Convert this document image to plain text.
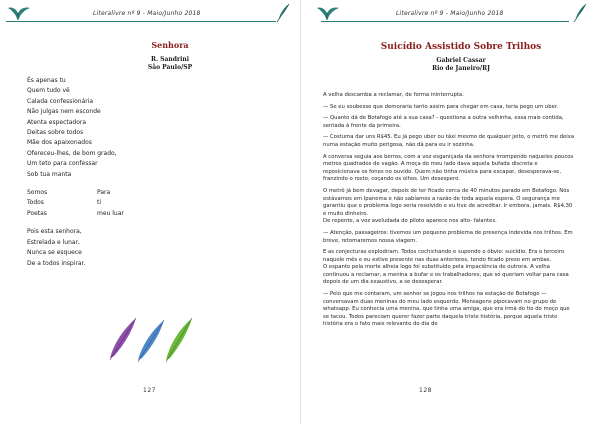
Literalivre nº 9 - Maio/Junho 2018
Senhora
R. Sandrini
São Paulo/SP
És apenas tu
Quem tudo vê
Calada confessionária
Não julgas nem esconde
Atenta espectadora
Deitas sobre todos
Mãe dos apaixonados
Ofereceu-lhes, de bom grado,
Um teto para confessar
Sob tua manta
Somos	Para
Todos	ti
Poetas	meu luar
Pois esta senhora,
Estrelada e lunar,
Nunca se esquece
De a todos inspirar.
127
Literalivre nº 9 - Maio/Junho 2018
Suicídio Assistido Sobre Trilhos
Gabriel Cassar
Rio de Janeiro/RJ

A velha descamba a reclamar, de forma ininterrupta.

— Se eu soubesse que demoraria tanto assim para chegar em casa, teria pego um uber.

— Quanto dá de Botafogo até a sua casa? - questiona a outra velhinha, essa mais contida, sentada à frente da primeira.

— Costuma dar uns R$45. Eu já pego uber ou táxi mesmo de qualquer jeito, o metrô me deixa numa estação muito perigosa, não dá para eu ir sozinha.

A conversa seguia aos berros, com a voz esganiçada da senhora irrompendo naqueles poucos metros quadrados de vagão. A moça do meu lado dava aquela bufada discreta e reposicionava os fones no ouvido. Quem não tinha música para escapar, desesperava-se, franzindo o rosto, coçando os olhos. Um desespero.

O metrô já bem devagar, depois de ter ficado cerca de 40 minutos parado em Botafogo. Nós estávamos em Ipanema e não sabíamos a razão de toda aquela espera. O segurança me garantiu que o problema logo seria resolvido e eu tive de acreditar. Ir embora, jamais. R$4,30 é muito dinheiro.
De repente, a voz aveludada do piloto aparece nos alto- falantes.

— Atenção, passageiros: tivemos um pequeno problema de presença indevida nos trilhos. Em breve, retomaremos nossa viagem.

E as conjecturas explodiram. Todos cochichando e supondo o óbvio: suicídio. Era o terceiro naquele mês e eu estive presente nas duas anteriores, tendo ficado preso em ambas.
O espanto pela morte alheia logo foi substituído pela impaciência de outrora. A velha continuou a reclamar, a menina a bufar e os trabalhadores, que só queriam voltar para casa depois de um dia exaustivo, a se desesperar.

— Pelo que me contaram, um senhor se jogou nos trilhos na estação de Botafogo — conversavam duas meninas do meu lado esquerdo. Mensagens pipocavam no grupo de whatsapp. Eu conhecia uma menina, que tinha uma amiga, que era irmã do tio do moço que se tacou. Todos pareciam querer fazer parte daquela triste história, porque aquela triste história era o fato mais relevante do dia de

128
